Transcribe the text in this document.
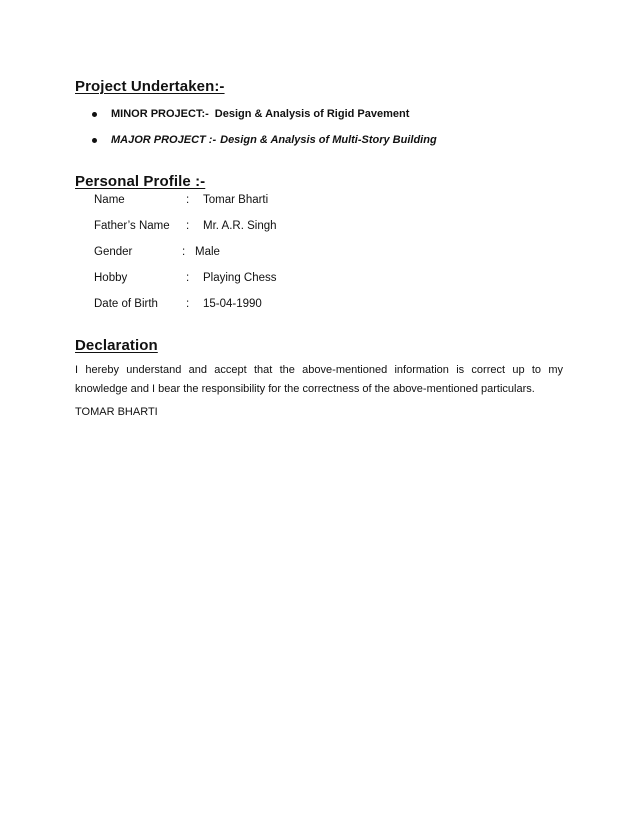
Project Undertaken:-
MINOR PROJECT:- Design & Analysis of Rigid Pavement
MAJOR PROJECT :- Design & Analysis of Multi-Story Building
Personal Profile :-
Name	: Tomar Bharti
Father’s Name : Mr. A.R. Singh
Gender	: Male
Hobby	: Playing Chess
Date of Birth : 15-04-1990
Declaration

I hereby understand and accept that the above-mentioned information is correct up to my knowledge and I bear the responsibility for the correctness of the above-mentioned particulars.

TOMAR BHARTI
